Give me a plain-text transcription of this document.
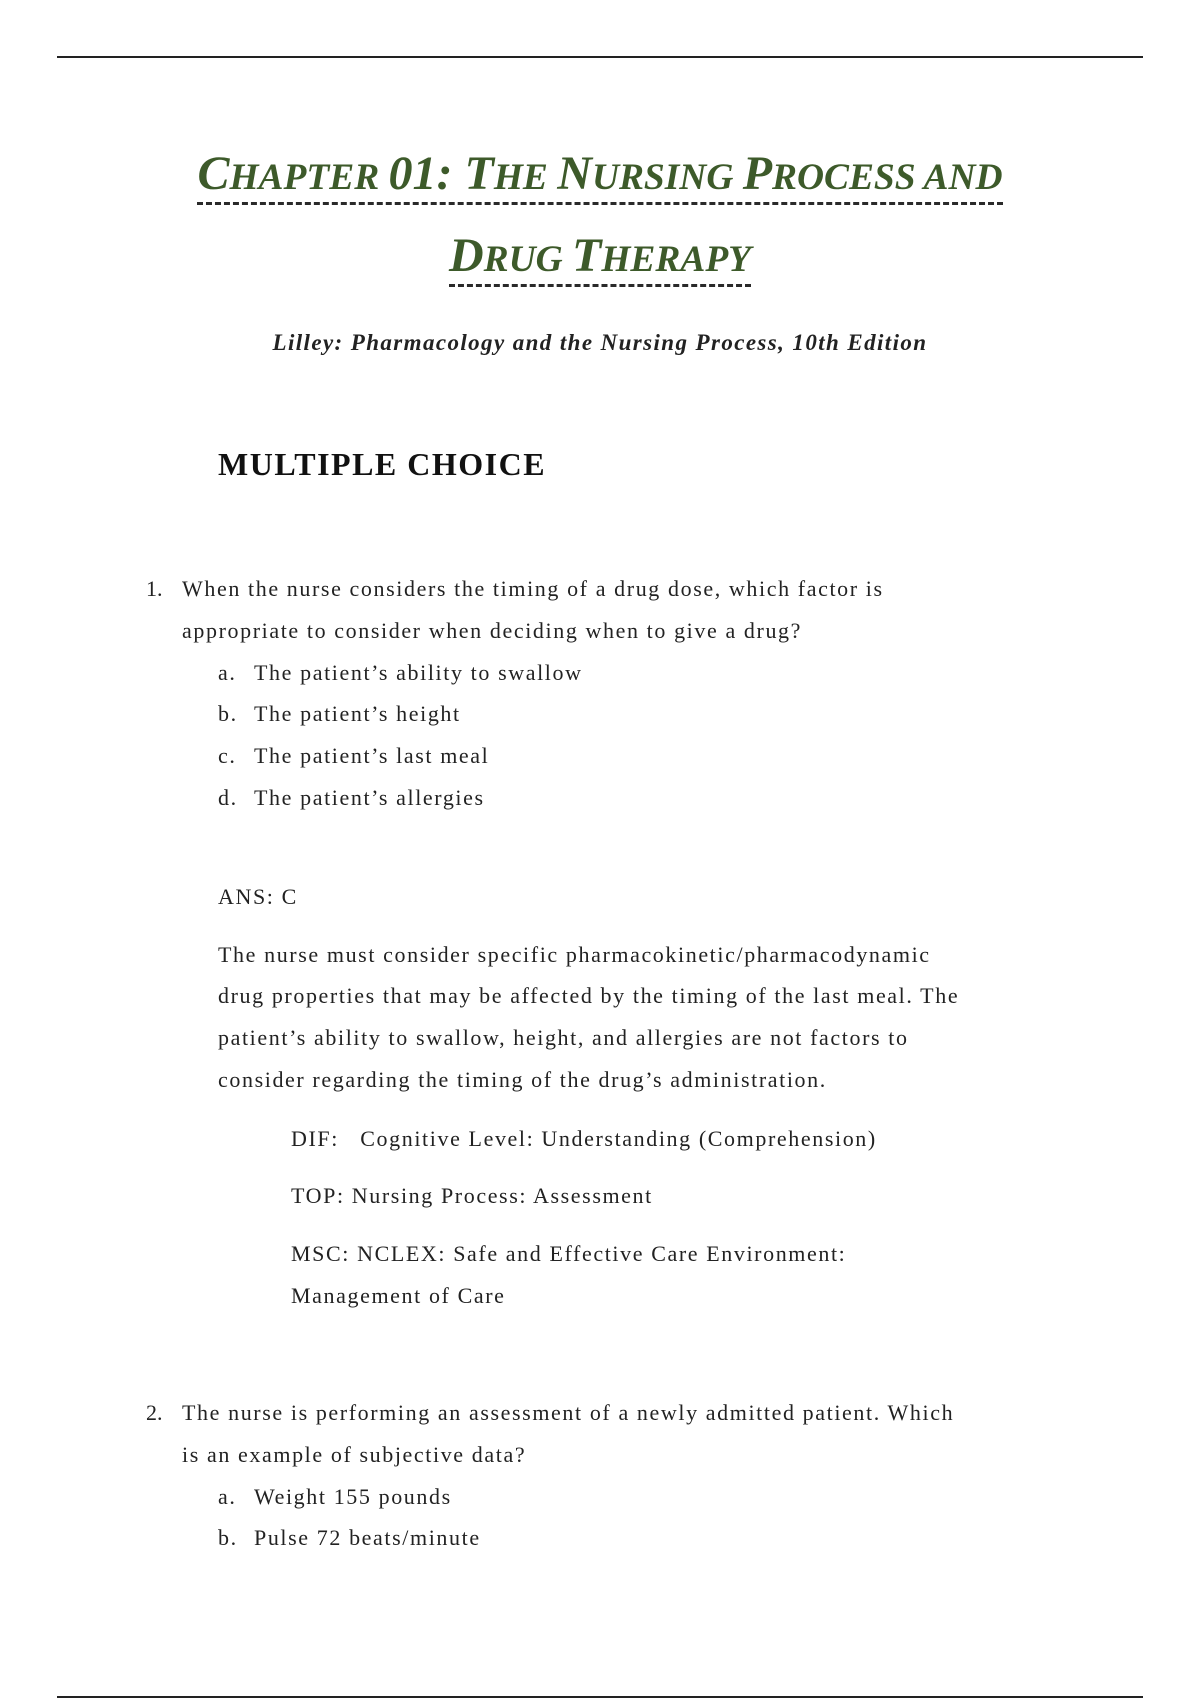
CHAPTER 01: THE NURSING PROCESS AND
DRUG THERAPY
Lilley: Pharmacology and the Nursing Process, 10th Edition
MULTIPLE CHOICE
1. When the nurse considers the timing of a drug dose, which factor is
appropriate to consider when deciding when to give a drug?
a. The patient’s ability to swallow
b. The patient’s height
c. The patient’s last meal
d. The patient’s allergies
ANS: C
The nurse must consider specific pharmacokinetic/pharmacodynamic
drug properties that may be affected by the timing of the last meal. The
patient’s ability to swallow, height, and allergies are not factors to
consider regarding the timing of the drug’s administration.
DIF:   Cognitive Level: Understanding (Comprehension)
TOP: Nursing Process: Assessment
MSC: NCLEX: Safe and Effective Care Environment:
Management of Care
2. The nurse is performing an assessment of a newly admitted patient. Which
is an example of subjective data?
a. Weight 155 pounds
b. Pulse 72 beats/minute
